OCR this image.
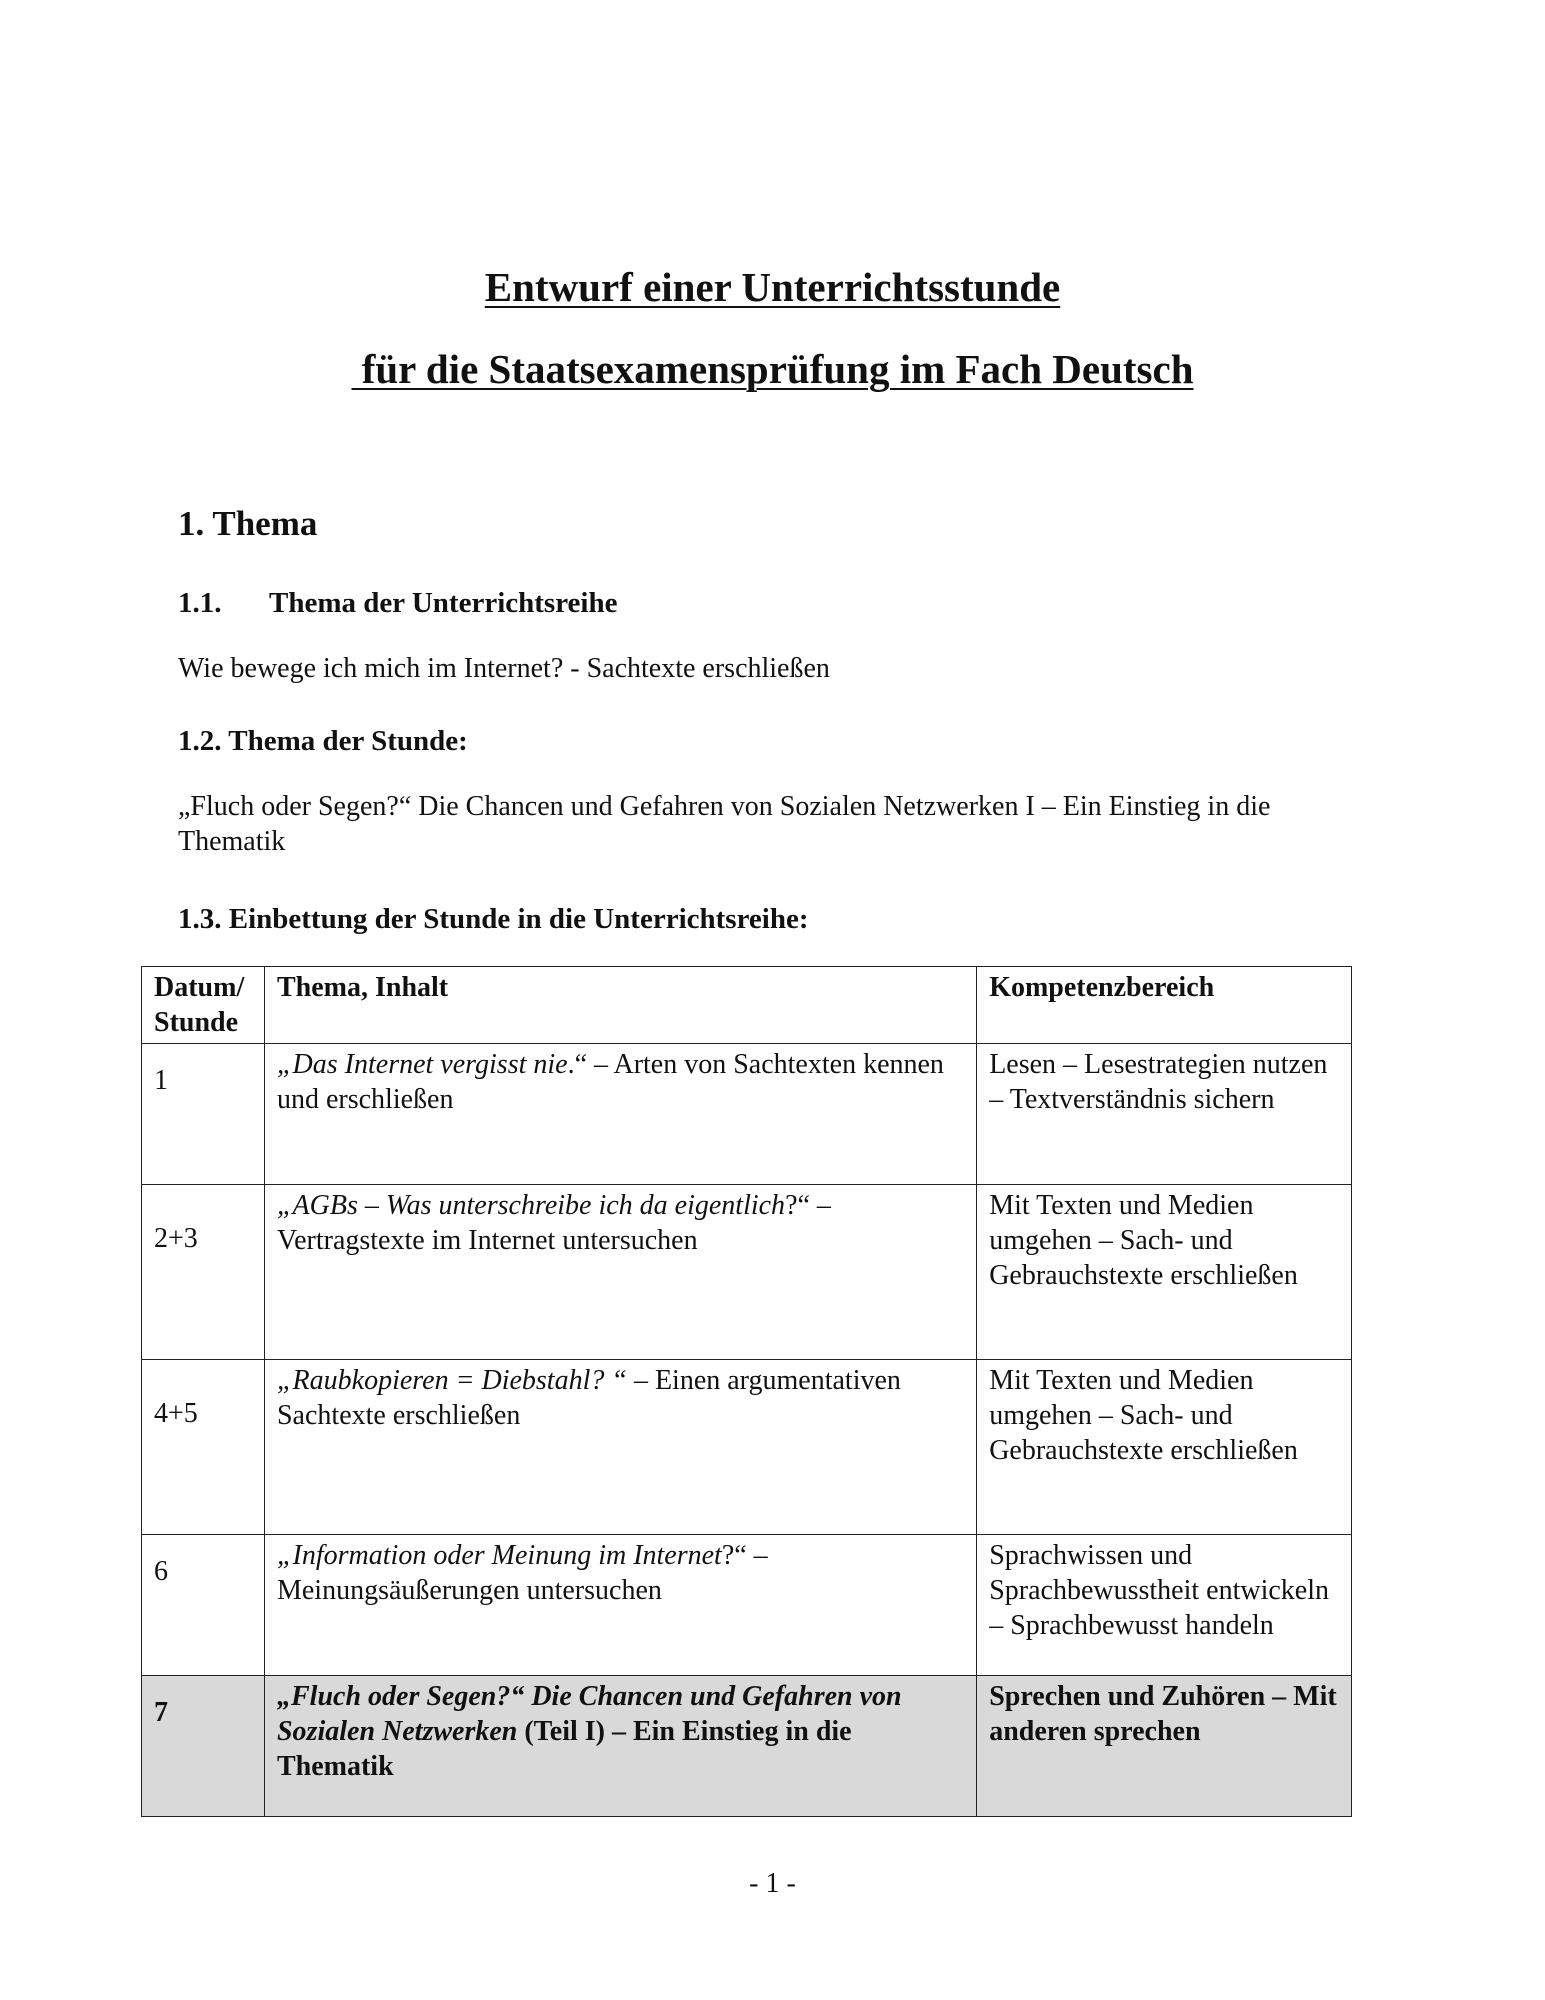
Entwurf einer Unterrichtsstunde
für die Staatsexamensprüfung im Fach Deutsch
1. Thema
1.1. Thema der Unterrichtsreihe
Wie bewege ich mich im Internet? - Sachtexte erschließen
1.2. Thema der Stunde:
„Fluch oder Segen?“ Die Chancen und Gefahren von Sozialen Netzwerken I – Ein Einstieg in die Thematik
1.3. Einbettung der Stunde in die Unterrichtsreihe:
Datum/ Stunde	Thema, Inhalt	Kompetenzbereich
1	„Das Internet vergisst nie.“ – Arten von Sachtexten kennen und erschließen	Lesen – Lesestrategien nutzen – Textverständnis sichern
2+3	„AGBs – Was unterschreibe ich da eigentlich?“ – Vertragstexte im Internet untersuchen	Mit Texten und Medien umgehen – Sach- und Gebrauchstexte erschließen
4+5	„Raubkopieren = Diebstahl? “ – Einen argumentativen Sachtexte erschließen	Mit Texten und Medien umgehen – Sach- und Gebrauchstexte erschließen
6	„Information oder Meinung im Internet?“ – Meinungsäußerungen untersuchen	Sprachwissen und Sprachbewusstheit entwickeln – Sprachbewusst handeln
7	„Fluch oder Segen?“ Die Chancen und Gefahren von Sozialen Netzwerken (Teil I) – Ein Einstieg in die Thematik	Sprechen und Zuhören – Mit anderen sprechen
- 1 -
